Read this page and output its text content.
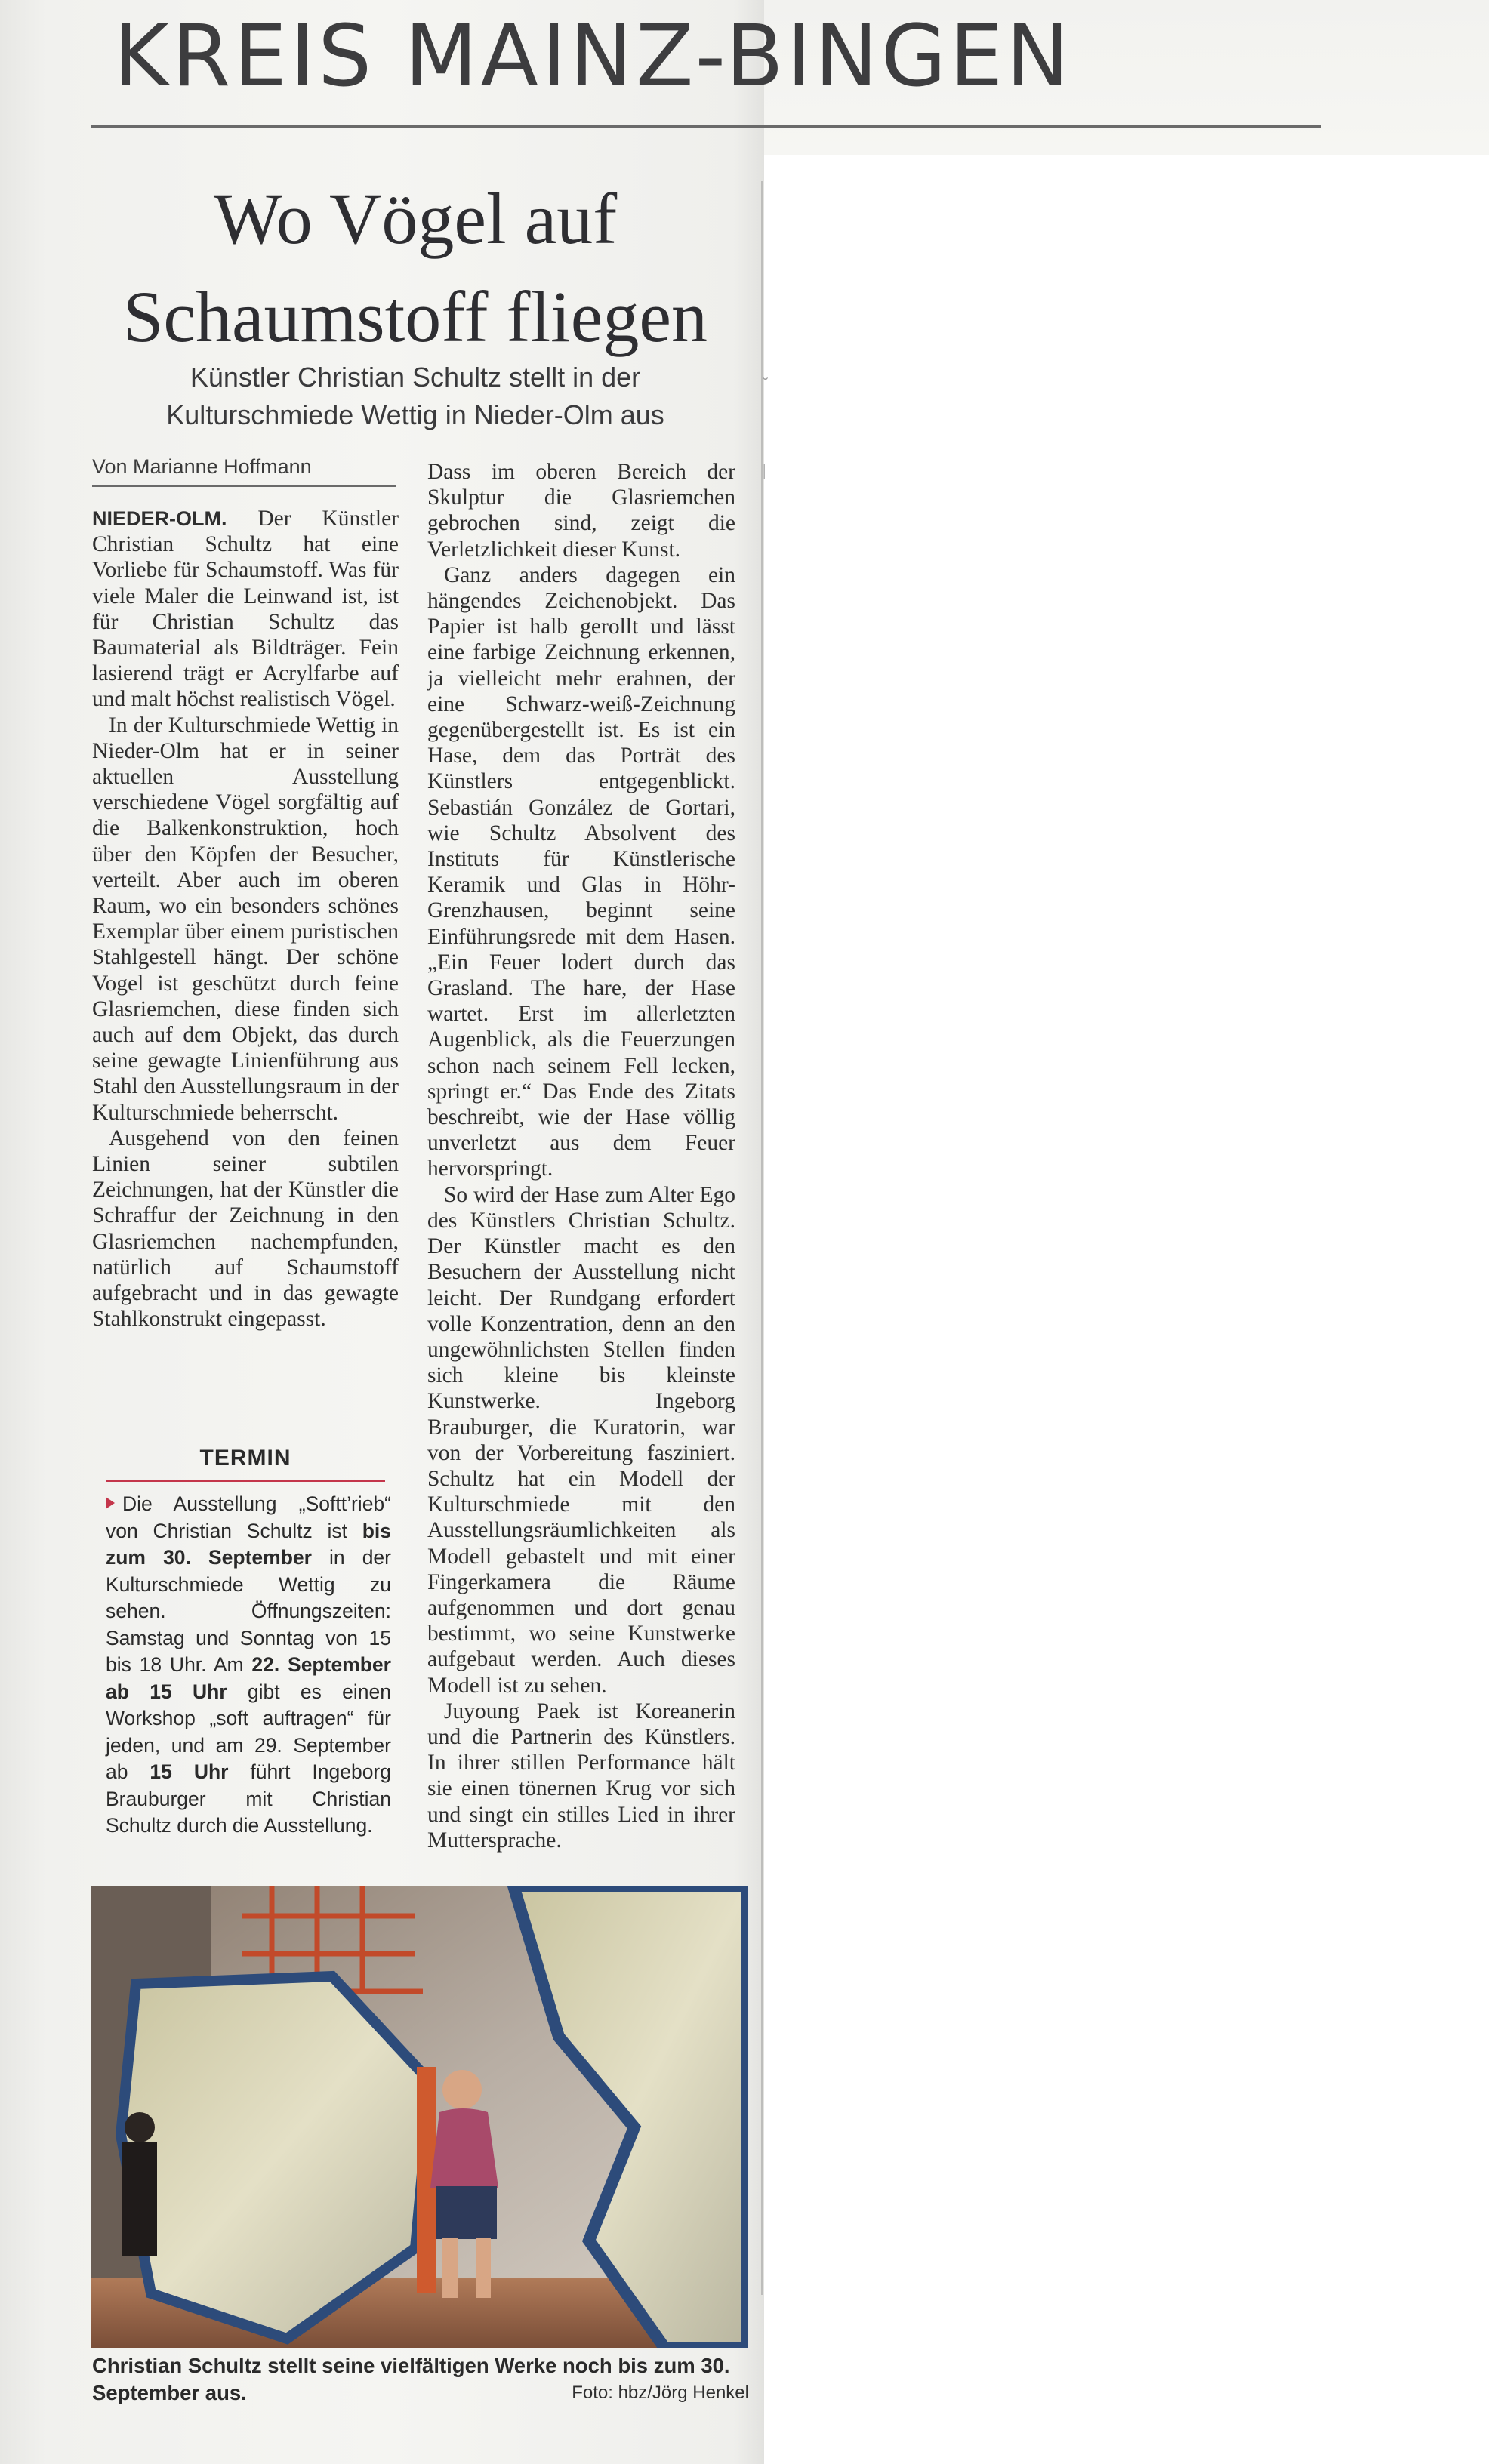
KREIS MAINZ-BINGEN
˘
|
Wo Vögel auf
Schaumstoff fliegen
Künstler Christian Schultz stellt in der
Kulturschmiede Wettig in Nieder-Olm aus
Von Marianne Hoffmann

NIEDER-OLM. Der Künstler Christian Schultz hat eine Vorliebe für Schaumstoff. Was für viele Maler die Leinwand ist, ist für Christian Schultz das Baumaterial als Bildträger. Fein lasierend trägt er Acrylfarbe auf und malt höchst realistisch Vögel.

In der Kulturschmiede Wettig in Nieder-Olm hat er in seiner aktuellen Ausstellung verschiedene Vögel sorgfältig auf die Balkenkonstruktion, hoch über den Köpfen der Besucher, verteilt. Aber auch im oberen Raum, wo ein besonders schönes Exemplar über einem puristischen Stahlgestell hängt. Der schöne Vogel ist geschützt durch feine Glasriemchen, diese finden sich auch auf dem Objekt, das durch seine gewagte Linienführung aus Stahl den Ausstellungsraum in der Kulturschmiede beherrscht.

Ausgehend von den feinen Linien seiner subtilen Zeichnungen, hat der Künstler die Schraffur der Zeichnung in den Glasriemchen nachempfunden, natürlich auf Schaumstoff aufgebracht und in das gewagte Stahlkonstrukt eingepasst.

Dass im oberen Bereich der Skulptur die Glasriemchen gebrochen sind, zeigt die Verletzlichkeit dieser Kunst.

Ganz anders dagegen ein hängendes Zeichenobjekt. Das Papier ist halb gerollt und lässt eine farbige Zeichnung erkennen, ja vielleicht mehr erahnen, der eine Schwarz-weiß-Zeichnung gegenübergestellt ist. Es ist ein Hase, dem das Porträt des Künstlers entgegenblickt. Sebastián González de Gortari, wie Schultz Absolvent des Instituts für Künstlerische Keramik und Glas in Höhr-Grenzhausen, beginnt seine Einführungsrede mit dem Hasen. „Ein Feuer lodert durch das Grasland. The hare, der Hase wartet. Erst im allerletzten Augenblick, als die Feuerzungen schon nach seinem Fell lecken, springt er.“ Das Ende des Zitats beschreibt, wie der Hase völlig unverletzt aus dem Feuer hervorspringt.

So wird der Hase zum Alter Ego des Künstlers Christian Schultz. Der Künstler macht es den Besuchern der Ausstellung nicht leicht. Der Rundgang erfordert volle Konzentration, denn an den ungewöhnlichsten Stellen finden sich kleine bis kleinste Kunstwerke. Ingeborg Brauburger, die Kuratorin, war von der Vorbereitung fasziniert. Schultz hat ein Modell der Kulturschmiede mit den Ausstellungsräumlichkeiten als Modell gebastelt und mit einer Fingerkamera die Räume aufgenommen und dort genau bestimmt, wo seine Kunstwerke aufgebaut werden. Auch dieses Modell ist zu sehen.

Juyoung Paek ist Koreanerin und die Partnerin des Künstlers. In ihrer stillen Performance hält sie einen tönernen Krug vor sich und singt ein stilles Lied in ihrer Muttersprache.

TERMIN
Die Ausstellung „Softt’rieb“ von Christian Schultz ist bis zum 30. September in der Kulturschmiede Wettig zu sehen. Öffnungszeiten: Samstag und Sonntag von 15 bis 18 Uhr. Am 22. September ab 15 Uhr gibt es einen Workshop „soft auftragen“ für jeden, und am 29. September ab 15 Uhr führt Ingeborg Brauburger mit Christian Schultz durch die Ausstellung.
Christian Schultz stellt seine vielfältigen Werke noch bis zum 30. September aus.	Foto: hbz/Jörg Henkel
